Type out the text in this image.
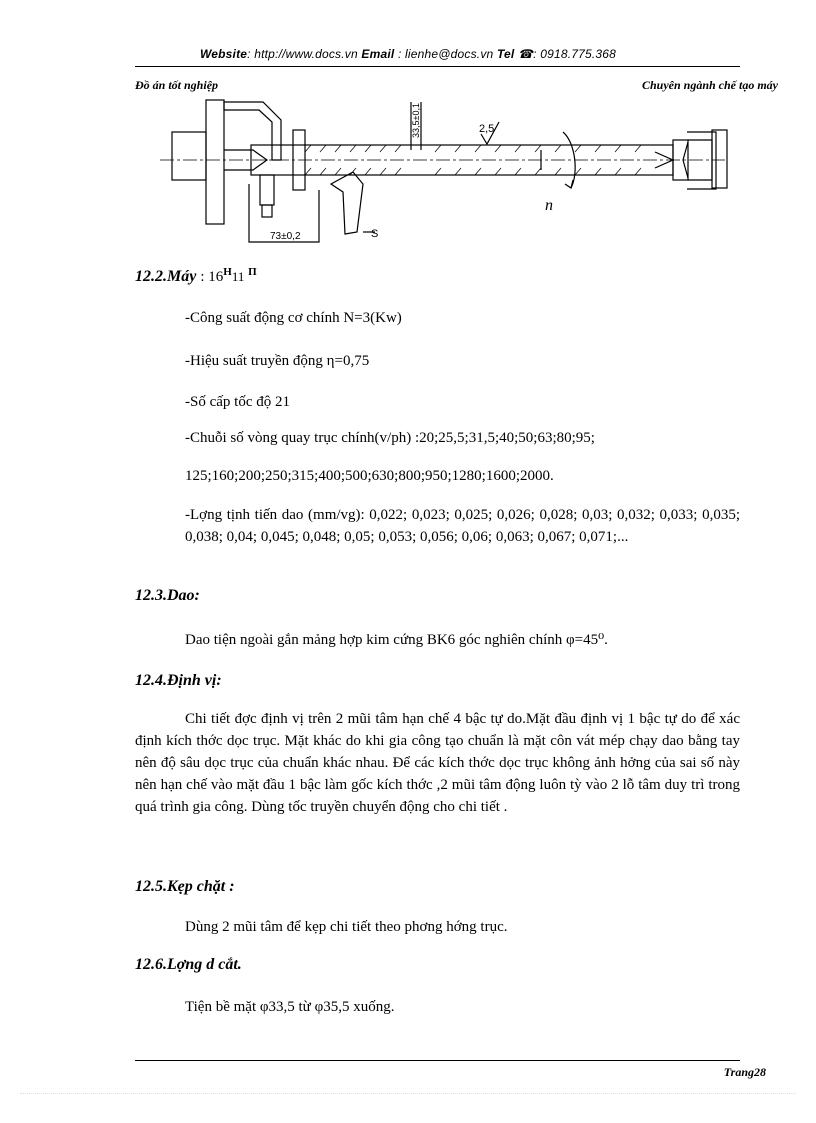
Website: http://www.docs.vn Email : lienhe@docs.vn Tel ☎: 0918.775.368
Đồ án tốt nghiệp	Chuyên ngành chế tạo máy
33,5±0,1	2,5
73±0,2
n
S
12.2.Máy : $16^H11$ $^\Pi$
-Công suất động cơ chính N=3(Kw)
-Hiệu suất truyền động η=0,75
-Số cấp tốc độ 21
-Chuỗi số vòng quay trục chính(v/ph) :20;25,5;31,5;40;50;63;80;95;
125;160;200;250;315;400;500;630;800;950;1280;1600;2000.
-Lợng tịnh tiến dao (mm/vg): 0,022; 0,023; 0,025; 0,026; 0,028; 0,03; 0,032; 0,033; 0,035; 0,038; 0,04; 0,045; 0,048; 0,05; 0,053; 0,056; 0,06; 0,063; 0,067; 0,071;...
12.3.Dao:
Dao tiện ngoài gắn mảng hợp kim cứng BK6 góc nghiên chính φ=45⁰.
12.4.Định vị:
Chi tiết đợc định vị trên 2 mũi tâm hạn chế 4 bậc tự do.Mặt đầu định vị 1 bậc tự do để xác định kích thớc dọc trục. Mặt khác do khi gia công tạo chuẩn là mặt côn vát mép chạy dao bằng tay nên độ sâu dọc trục của chuẩn khác nhau. Để các kích thớc dọc trục không ảnh hởng của sai số này nên hạn chế vào mặt đầu 1 bậc làm gốc kích thớc ,2 mũi tâm động luôn tỳ vào 2 lỗ tâm duy trì trong quá trình gia công. Dùng tốc truyền chuyển động cho chi tiết .
12.5.Kẹp chặt :
Dùng 2 mũi tâm để kẹp chi tiết theo phơng hớng trục.
12.6.Lợng d cắt.
Tiện bề mặt φ33,5 từ φ35,5 xuống.
Trang28
